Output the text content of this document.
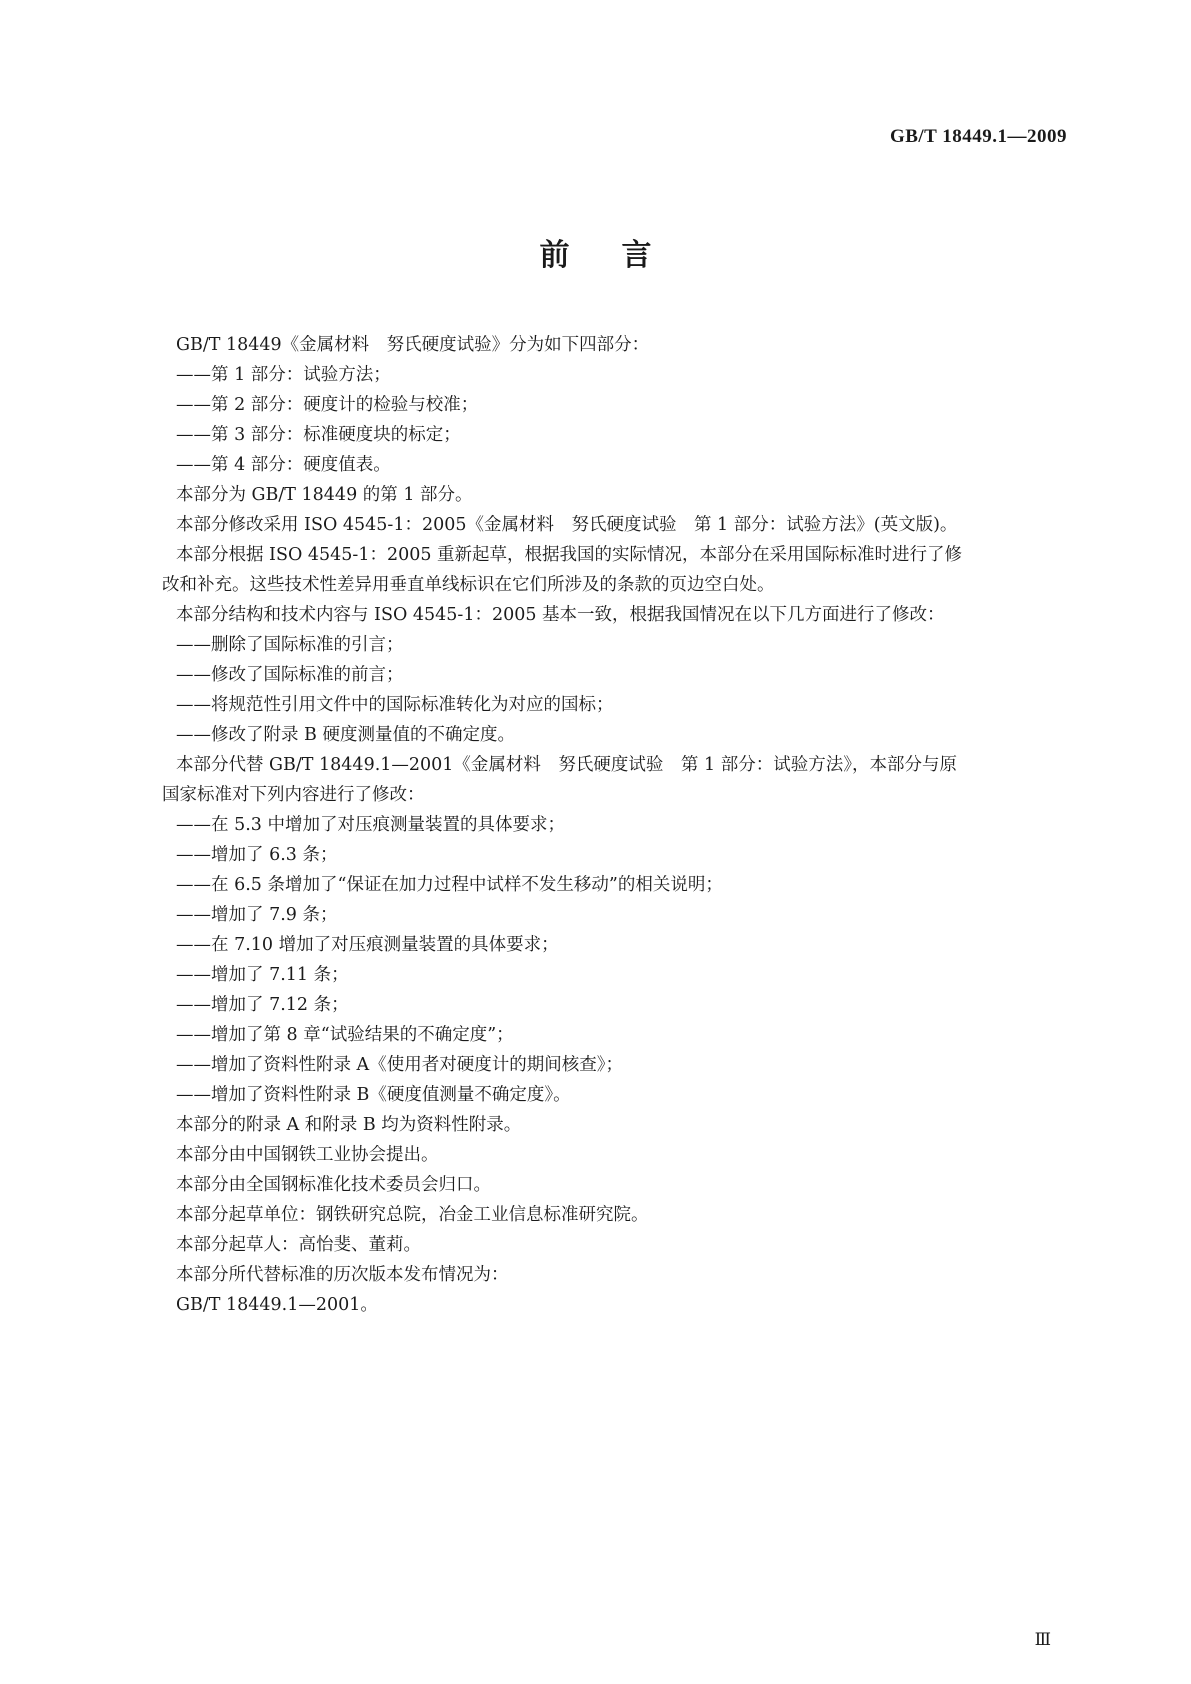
GB/T 18449.1—2009
前言
GB/T 18449《金属材料　努氏硬度试验》分为如下四部分：
——第 1 部分：试验方法；
——第 2 部分：硬度计的检验与校准；
——第 3 部分：标准硬度块的标定；
——第 4 部分：硬度值表。
本部分为 GB/T 18449 的第 1 部分。
本部分修改采用 ISO 4545-1：2005《金属材料　努氏硬度试验　第 1 部分：试验方法》(英文版)。
本部分根据 ISO 4545-1：2005 重新起草，根据我国的实际情况，本部分在采用国际标准时进行了修
改和补充。这些技术性差异用垂直单线标识在它们所涉及的条款的页边空白处。
本部分结构和技术内容与 ISO 4545-1：2005 基本一致，根据我国情况在以下几方面进行了修改：
——删除了国际标准的引言；
——修改了国际标准的前言；
——将规范性引用文件中的国际标准转化为对应的国标；
——修改了附录 B 硬度测量值的不确定度。
本部分代替 GB/T 18449.1—2001《金属材料　努氏硬度试验　第 1 部分：试验方法》，本部分与原
国家标准对下列内容进行了修改：
——在 5.3 中增加了对压痕测量装置的具体要求；
——增加了 6.3 条；
——在 6.5 条增加了“保证在加力过程中试样不发生移动”的相关说明；
——增加了 7.9 条；
——在 7.10 增加了对压痕测量装置的具体要求；
——增加了 7.11 条；
——增加了 7.12 条；
——增加了第 8 章“试验结果的不确定度”；
——增加了资料性附录 A《使用者对硬度计的期间核查》；
——增加了资料性附录 B《硬度值测量不确定度》。
本部分的附录 A 和附录 B 均为资料性附录。
本部分由中国钢铁工业协会提出。
本部分由全国钢标准化技术委员会归口。
本部分起草单位：钢铁研究总院，冶金工业信息标准研究院。
本部分起草人：高怡斐、董莉。
本部分所代替标准的历次版本发布情况为：
GB/T 18449.1—2001。
Ⅲ
